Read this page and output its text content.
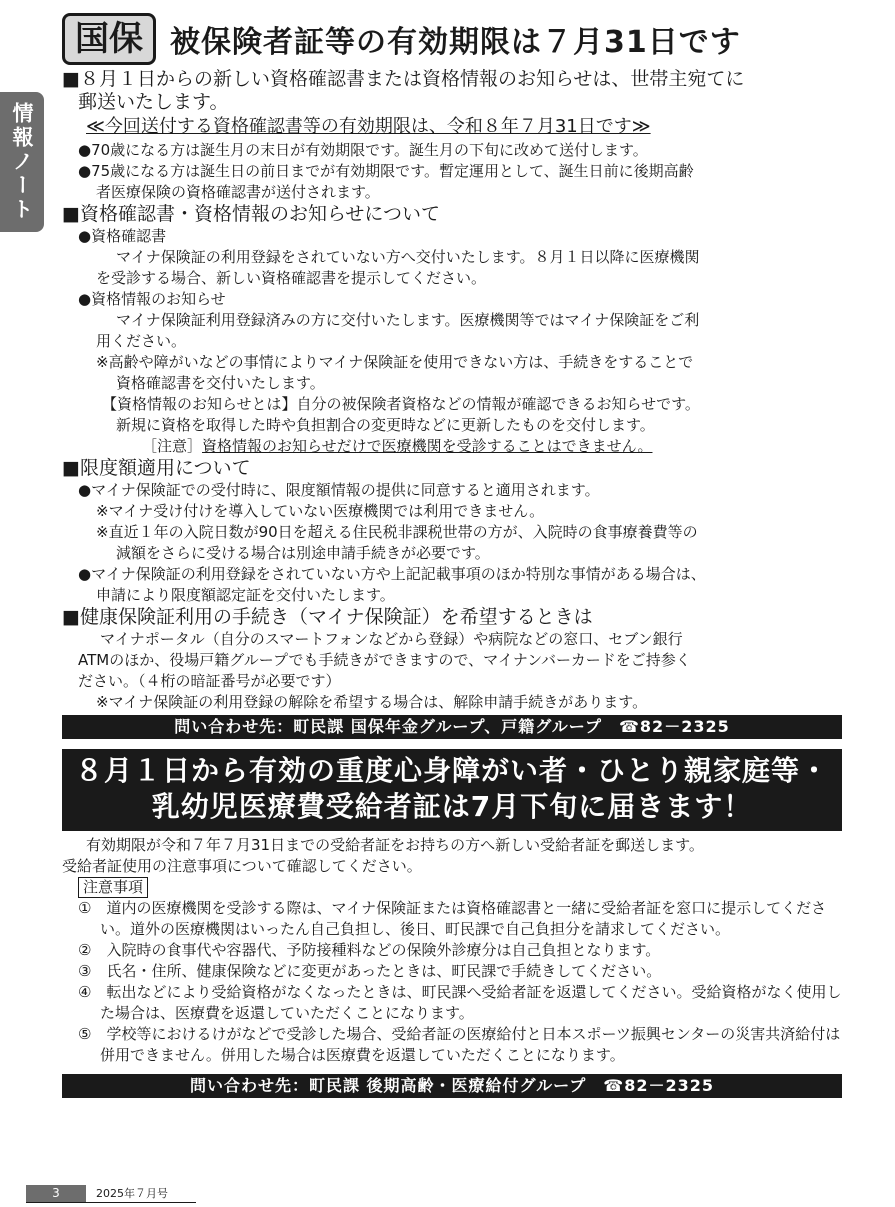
情報ノート
国保 被保険者証等の有効期限は７月31日です
■８月１日からの新しい資格確認書または資格情報のお知らせは、世帯主宛てに
郵送いたします。
≪今回送付する資格確認書等の有効期限は、令和８年７月31日です≫
●70歳になる方は誕生月の末日が有効期限です。誕生月の下旬に改めて送付します。
●75歳になる方は誕生日の前日までが有効期限です。暫定運用として、誕生日前に後期高齢
者医療保険の資格確認書が送付されます。
■資格確認書・資格情報のお知らせについて
●資格確認書
マイナ保険証の利用登録をされていない方へ交付いたします。８月１日以降に医療機関
を受診する場合、新しい資格確認書を提示してください。
●資格情報のお知らせ
マイナ保険証利用登録済みの方に交付いたします。医療機関等ではマイナ保険証をご利
用ください。
※高齢や障がいなどの事情によりマイナ保険証を使用できない方は、手続きをすることで
資格確認書を交付いたします。
【資格情報のお知らせとは】自分の被保険者資格などの情報が確認できるお知らせです。
新規に資格を取得した時や負担割合の変更時などに更新したものを交付します。
［注意］資格情報のお知らせだけで医療機関を受診することはできません。
■限度額適用について
●マイナ保険証での受付時に、限度額情報の提供に同意すると適用されます。
※マイナ受け付けを導入していない医療機関では利用できません。
※直近１年の入院日数が90日を超える住民税非課税世帯の方が、入院時の食事療養費等の
減額をさらに受ける場合は別途申請手続きが必要です。
●マイナ保険証の利用登録をされていない方や上記記載事項のほか特別な事情がある場合は、
申請により限度額認定証を交付いたします。
■健康保険証利用の手続き（マイナ保険証）を希望するときは
マイナポータル（自分のスマートフォンなどから登録）や病院などの窓口、セブン銀行
ATMのほか、役場戸籍グループでも手続きができますので、マイナンバーカードをご持参く
ださい。（４桁の暗証番号が必要です）
※マイナ保険証の利用登録の解除を希望する場合は、解除申請手続きがあります。
問い合わせ先：町民課 国保年金グループ、戸籍グループ　☎82－2325
８月１日から有効の重度心身障がい者・ひとり親家庭等・
乳幼児医療費受給者証は7月下旬に届きます！
有効期限が令和７年７月31日までの受給者証をお持ちの方へ新しい受給者証を郵送します。
受給者証使用の注意事項について確認してください。
注意事項
①　道内の医療機関を受診する際は、マイナ保険証または資格確認書と一緒に受給者証を窓口に提示してください。道外の医療機関はいったん自己負担し、後日、町民課で自己負担分を請求してください。
②　入院時の食事代や容器代、予防接種料などの保険外診療分は自己負担となります。
③　氏名・住所、健康保険などに変更があったときは、町民課で手続きしてください。
④　転出などにより受給資格がなくなったときは、町民課へ受給者証を返還してください。受給資格がなく使用した場合は、医療費を返還していただくことになります。
⑤　学校等におけるけがなどで受診した場合、受給者証の医療給付と日本スポーツ振興センターの災害共済給付は併用できません。併用した場合は医療費を返還していただくことになります。
問い合わせ先：町民課 後期高齢・医療給付グループ　☎82－2325
3	2025年７月号
